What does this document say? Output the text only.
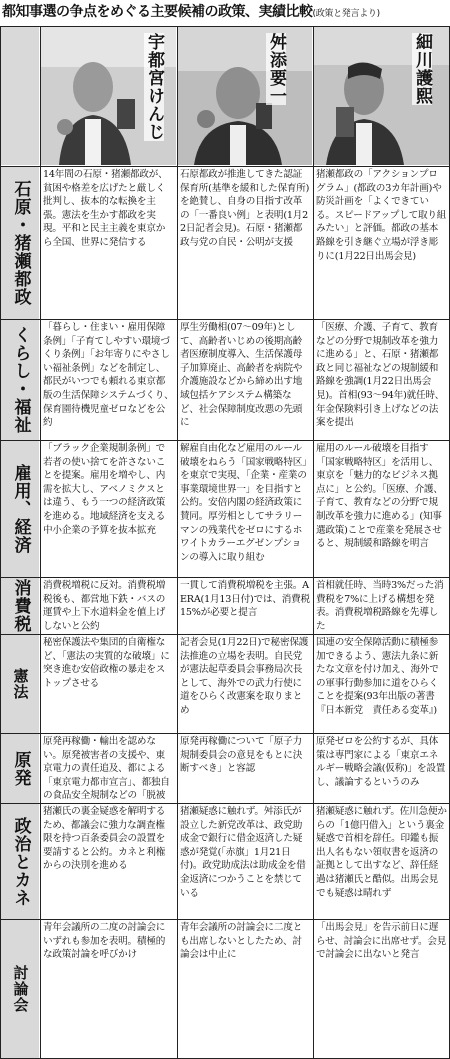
都知事選の争点をめぐる主要候補の政策、実績比較(政策と発言より)
宇都宮けんじ	舛添要一	細川護熙
石原・猪瀬都政
くらし・福祉
雇用、経済
消費税
憲法
原発
政治とカネ
討論会
14年間の石原・猪瀬都政が、貧困や格差を広げたと厳しく批判し、抜本的な転換を主張。憲法を生かす都政を実現。平和と民主主義を東京から全国、世界に発信する
石原都政が推進してきた認証保育所(基準を緩和した保育所)を絶賛し、自身の目指す改革の「一番良い例」と表明(1月22日記者会見)。石原・猪瀬都政与党の自民・公明が支援
猪瀬都政の「アクションプログラム」(都政の3カ年計画)や防災計画を「よくできている。スピードアップして取り組みたい」と評価。都政の基本路線を引き継ぐ立場が浮き彫りに(1月22日出馬会見)
「暮らし・住まい・雇用保障条例」「子育てしやすい環境づくり条例」「お年寄りにやさしい福祉条例」などを制定し、都民がいつでも頼れる東京都版の生活保障システムづくり、保育園待機児童ゼロなどを公約
厚生労働相(07〜09年)として、高齢者いじめの後期高齢者医療制度導入、生活保護母子加算廃止、高齢者を病院や介護施設などから締め出す地域包括ケアシステム構築など、社会保障制度改悪の先頭に
「医療、介護、子育て、教育などの分野で規制改革を強力に進める」と、石原・猪瀬都政と同じ福祉などの規制緩和路線を強調(1月22日出馬会見)。首相(93〜94年)就任時、年金保険料引き上げなどの法案を提出
「ブラック企業規制条例」で若者の使い捨てを許さないことを提案。雇用を増やし、内需を拡大し、アベノミクスとは違う、もう一つの経済政策を進める。地域経済を支える中小企業の予算を抜本拡充
解雇自由化など雇用のルール破壊をねらう「国家戦略特区」を東京で実現、「企業・産業の事業環境世界一」を目指すと公約。安倍内閣の経済政策に賛同。厚労相としてサラリーマンの残業代をゼロにするホワイトカラーエグゼンプションの導入に取り組む
雇用のルール破壊を目指す「国家戦略特区」を活用し、東京を「魅力的なビジネス拠点に」と公約。「医療、介護、子育て、教育などの分野で規制改革を強力に進める」(知事選政策)ことで産業を発展させると、規制緩和路線を明言
消費税増税に反対。消費税増税後も、都営地下鉄・バスの運賃や上下水道料金を値上げしないと公約
一貫して消費税増税を主張。AERA(1月13日付)では、消費税15%が必要と提言
首相就任時、当時3%だった消費税を7%に上げる構想を発表。消費税増税路線を先導した
秘密保護法や集団的自衛権など、「憲法の実質的な破壊」に突き進む安倍政権の暴走をストップさせる
記者会見(1月22日)で秘密保護法推進の立場を表明。自民党が憲法起草委員会事務局次長として、海外での武力行使に道をひらく改憲案を取りまとめ
国連の安全保障活動に積極参加できるよう、憲法九条に新たな文章を付け加え、海外での軍事行動参加に道をひらくことを提案(93年出版の著書『日本新党　責任ある変革』)
原発再稼働・輸出を認めない。原発被害者の支援や、東京電力の責任追及、都による「東京電力都市宣言」、都独自の食品安全規制などの「脱被
原発再稼働について「原子力規制委員会の意見をもとに決断すべき」と容認
原発ゼロを公約するが、具体策は専門家による「東京エネルギー戦略会議(仮称)」を設置し、議論するというのみ
猪瀬氏の裏金疑惑を解明するため、都議会に強力な調査権限を持つ百条委員会の設置を要請すると公約。カネと利権からの決別を進める
猪瀬疑惑に触れず。舛添氏が設立した新党改革は、政党助成金で銀行に借金返済した疑惑が発覚(「赤旗」1月21日付)。政党助成法は助成金を借金返済につかうことを禁じている
猪瀬疑惑に触れず。佐川急便からの「1億円借入」という裏金疑惑で首相を辞任。印鑑も振出人名もない領収書を返済の証拠として出すなど、辞任経過は猪瀬氏と酷似。出馬会見でも疑惑は晴れず
青年会議所の二度の討論会にいずれも参加を表明。積極的な政策討論を呼びかけ
青年会議所の討論会に二度とも出席しないとしたため、討論会は中止に
「出馬会見」を告示前日に遅らせ、討論会に出席せず。会見で討論会に出ないと発言
